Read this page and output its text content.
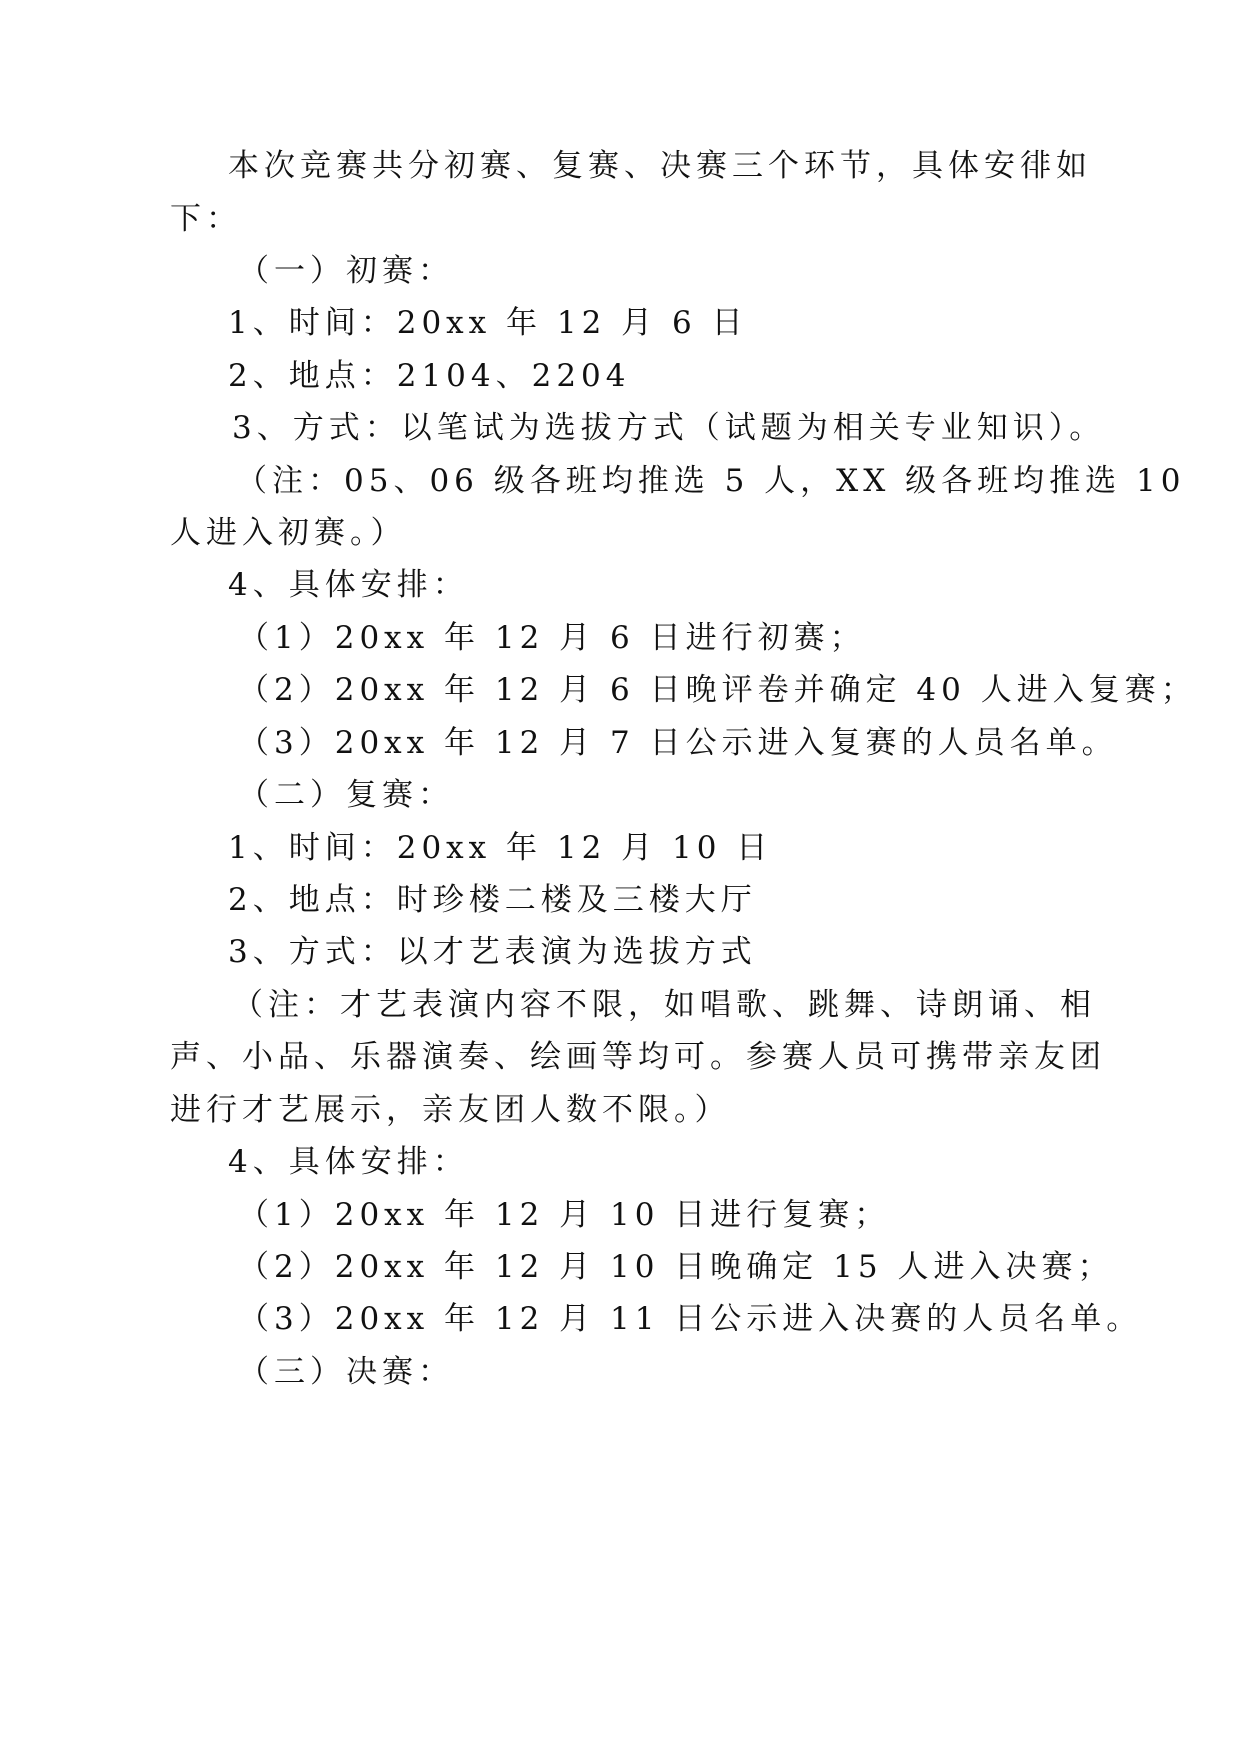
本次竞赛共分初赛、复赛、决赛三个环节，具体安徘如
下：
（一）初赛：
1、时间：20xx 年 12 月 6 日
2、地点：2104、2204
3、方式：以笔试为选拔方式（试题为相关专业知识）。
（注：05、06 级各班均推选 5 人，XX 级各班均推选 10
人进入初赛。）
4、具体安排：
（1）20xx 年 12 月 6 日进行初赛；
（2）20xx 年 12 月 6 日晚评卷并确定 40 人进入复赛；
（3）20xx 年 12 月 7 日公示进入复赛的人员名单。
（二）复赛：
1、时间：20xx 年 12 月 10 日
2、地点：时珍楼二楼及三楼大厅
3、方式：以才艺表演为选拔方式
（注：才艺表演内容不限，如唱歌、跳舞、诗朗诵、相
声、小品、乐器演奏、绘画等均可。参赛人员可携带亲友团
进行才艺展示，亲友团人数不限。）
4、具体安排：
（1）20xx 年 12 月 10 日进行复赛；
（2）20xx 年 12 月 10 日晚确定 15 人进入决赛；
（3）20xx 年 12 月 11 日公示进入决赛的人员名单。
（三）决赛：
